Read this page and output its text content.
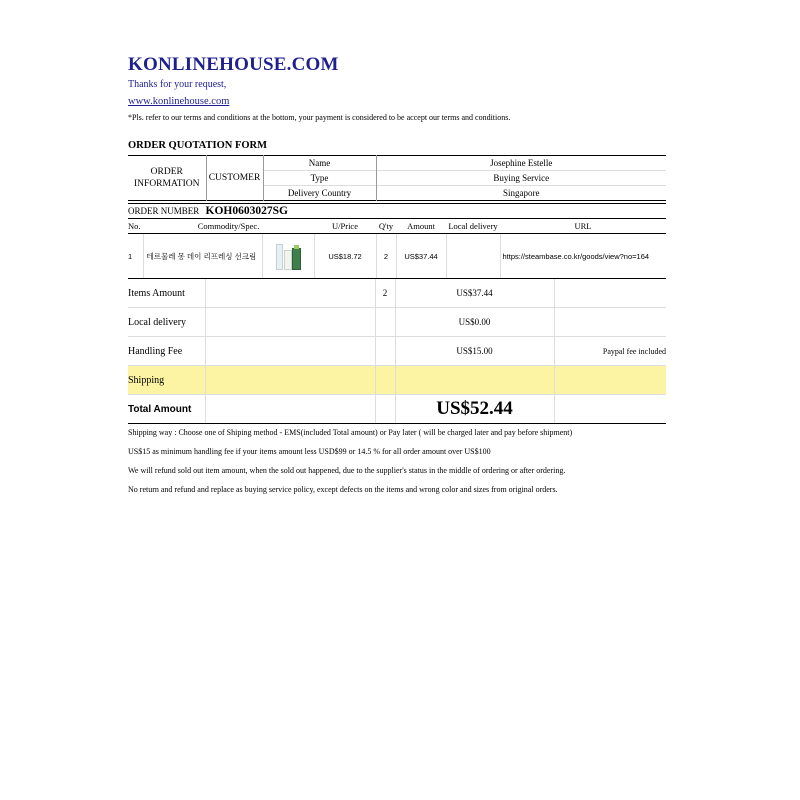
KONLINEHOUSE.COM
Thanks for your request,
www.konlinehouse.com
*Pls. refer to our terms and conditions at the bottom, your payment is considered to be accept our terms and conditions.
ORDER QUOTATION FORM
ORDER INFORMATION	CUSTOMER	Name	Josephine Estelle
		Type	Buying Service
		Delivery Country	Singapore
ORDER NUMBER KOH0603027SG
No.	Commodity/Spec.		U/Price	Q'ty	Amount	Local delivery	URL
1	테르물레 몽 데이 리프레싱 선크림		US$18.72	2	US$37.44		https://steambase.co.kr/goods/view?no=164
Items Amount		2	US$37.44	
Local delivery			US$0.00	
Handling Fee			US$15.00	Paypal fee included
Shipping				
Total Amount			US$52.44	
Shipping way : Choose one of Shiping method - EMS(included Total amount) or Pay later ( will be charged later and pay before shipment)
US$15 as minimum handling fee if your items amount less USD$99 or 14.5 % for all order amount over US$100
We will refund sold out item amount, when the sold out happened, due to the supplier's status in the middle of ordering or after ordering.
No return and refund and replace as buying service policy, except defects on the items and wrong color and sizes from original orders.
